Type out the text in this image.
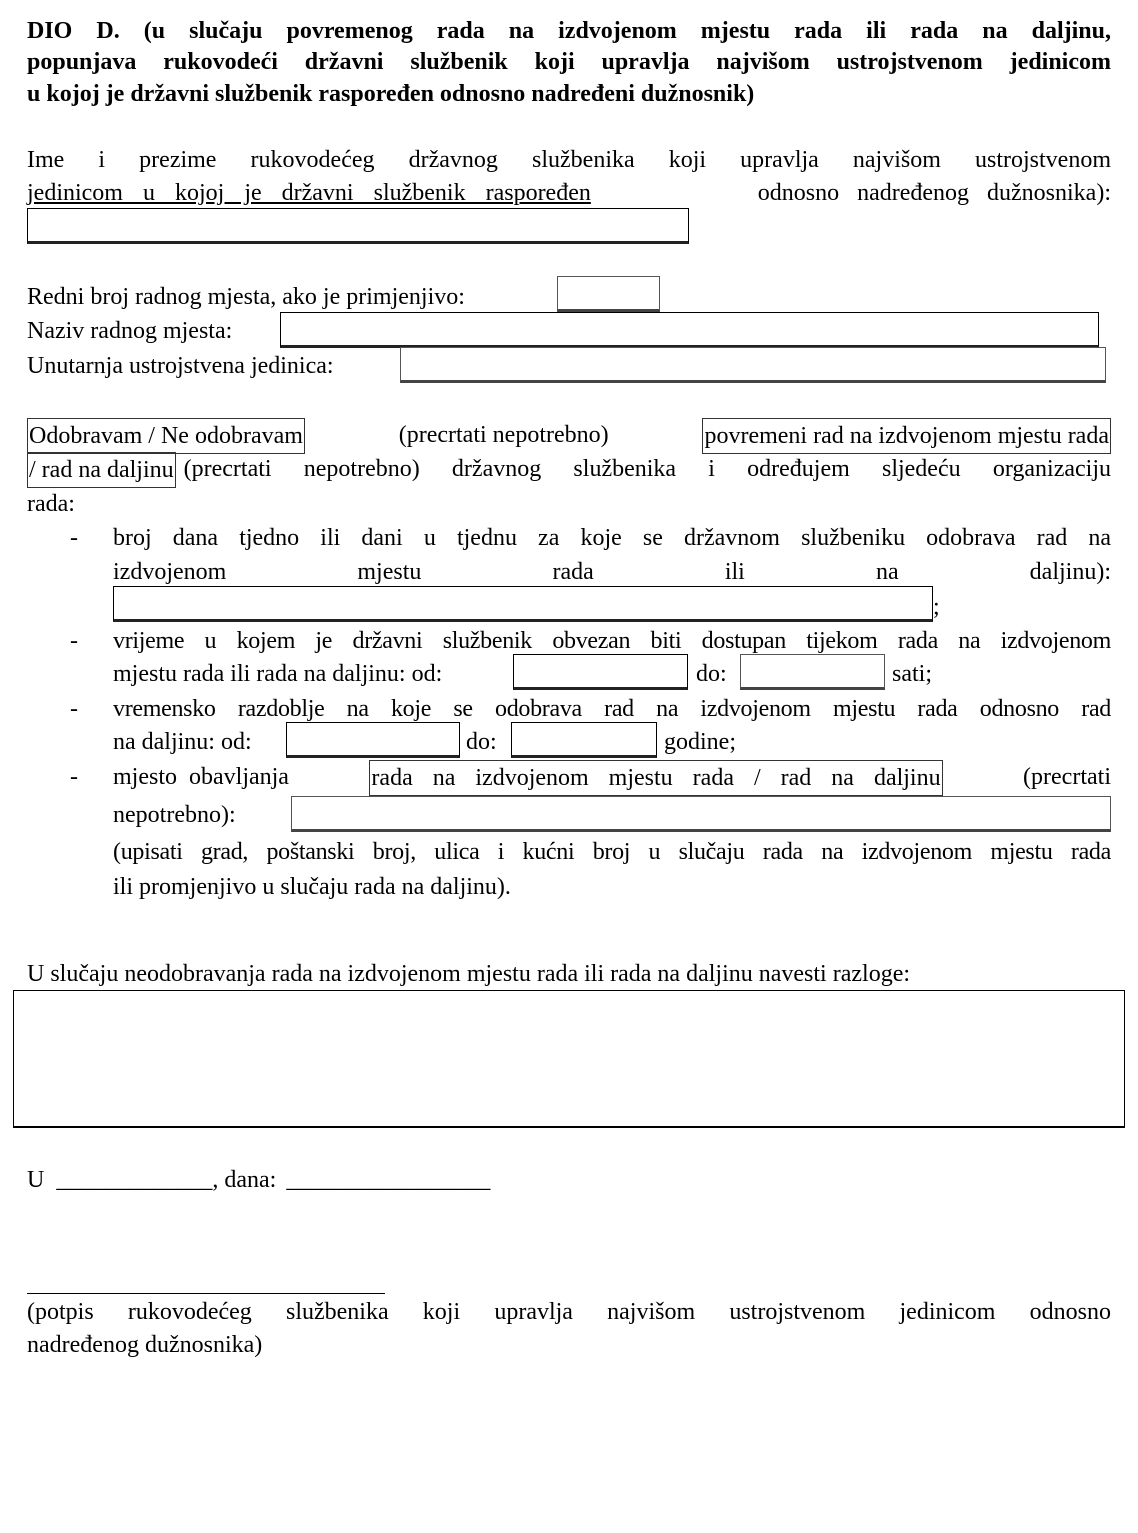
DIO D. (u slučaju povremenog rada na izdvojenom mjestu rada ili rada na daljinu,
popunjava rukovodeći državni službenik koji upravlja najvišom ustrojstvenom jedinicom
u kojoj je državni službenik raspoređen odnosno nadređeni dužnosnik)
Ime i prezime rukovodećeg državnog službenika koji upravlja najvišom ustrojstvenom
jedinicom u kojoj je državni službenik raspoređen	odnosno nadređenog dužnosnika):
Redni broj radnog mjesta, ako je primjenjivo:
Naziv radnog mjesta:
Unutarnja ustrojstvena jedinica:
Odobravam / Ne odobravam	(precrtati nepotrebno)	povremeni rad na izdvojenom mjestu rada
/ rad na daljinu (precrtati nepotrebno) državnog službenika i određujem sljedeću organizaciju
rada:
- broj dana tjedno ili dani u tjednu za koje se državnom službeniku odobrava rad na
izdvojenom	mjestu	rada	ili	na	daljinu):
;
- vrijeme u kojem je državni službenik obvezan biti dostupan tijekom rada na izdvojenom
mjestu rada ili rada na daljinu: od:	do:	sati;
- vremensko razdoblje na koje se odobrava rad na izdvojenom mjestu rada odnosno rad
na daljinu: od:	do:	godine;
- mjesto obavljanja	rada na izdvojenom mjestu rada / rad na daljinu	(precrtati
nepotrebno):
(upisati grad, poštanski broj, ulica i kućni broj u slučaju rada na izdvojenom mjestu rada
ili promjenjivo u slučaju rada na daljinu).
U slučaju neodobravanja rada na izdvojenom mjestu rada ili rada na daljinu navesti razloge:
U _____________, dana: _________________
(potpis rukovodećeg službenika koji upravlja najvišom ustrojstvenom jedinicom odnosno
nadređenog dužnosnika)
